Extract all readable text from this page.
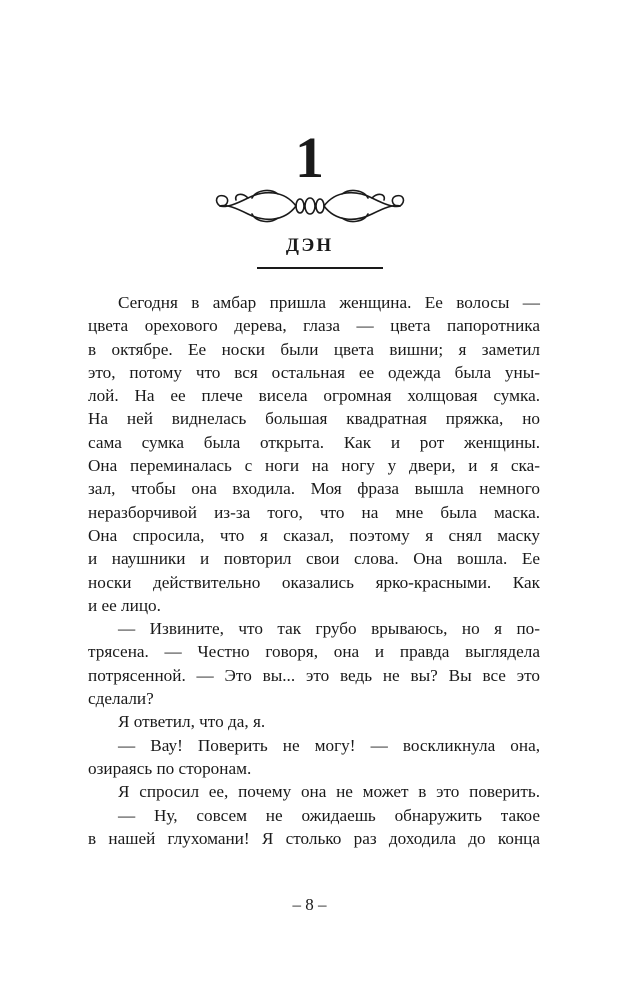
1
ДЭН
Сегодня в амбар пришла женщина. Ее волосы —
цвета орехового дерева, глаза — цвета папоротника
в октябре. Ее носки были цвета вишни; я заметил
это, потому что вся остальная ее одежда была уны-
лой. На ее плече висела огромная холщовая сумка.
На ней виднелась большая квадратная пряжка, но
сама сумка была открыта. Как и рот женщины.
Она переминалась с ноги на ногу у двери, и я ска-
зал, чтобы она входила. Моя фраза вышла немного
неразборчивой из-за того, что на мне была маска.
Она спросила, что я сказал, поэтому я снял маску
и наушники и повторил свои слова. Она вошла. Ее
носки действительно оказались ярко-красными. Как
и ее лицо.
— Извините, что так грубо врываюсь, но я по-
трясена. — Честно говоря, она и правда выглядела
потрясенной. — Это вы... это ведь не вы? Вы все это
сделали?
Я ответил, что да, я.
— Вау! Поверить не могу! — воскликнула она,
озираясь по сторонам.
Я спросил ее, почему она не может в это поверить.
— Ну, совсем не ожидаешь обнаружить такое
в нашей глухомани! Я столько раз доходила до конца
– 8 –
